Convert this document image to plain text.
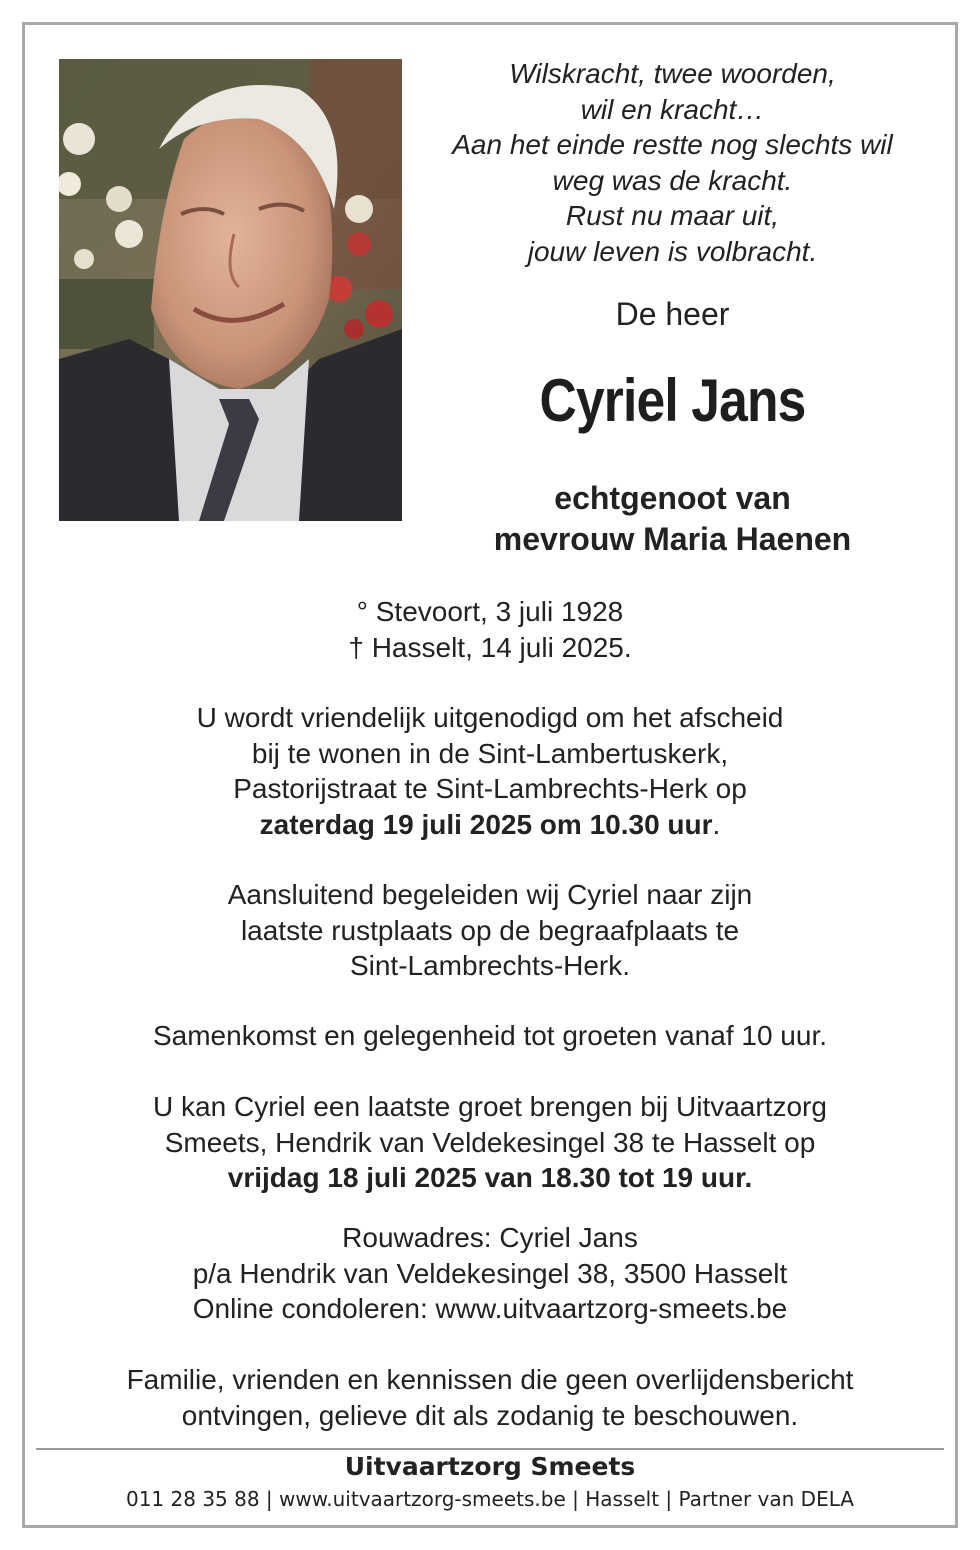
Wilskracht, twee woorden,
wil en kracht…
Aan het einde restte nog slechts wil
weg was de kracht.
Rust nu maar uit,
jouw leven is volbracht.
De heer
Cyriel Jans
echtgenoot van
mevrouw Maria Haenen
° Stevoort, 3 juli 1928
† Hasselt, 14 juli 2025.
U wordt vriendelijk uitgenodigd om het afscheid
bij te wonen in de Sint-Lambertuskerk,
Pastorijstraat te Sint-Lambrechts-Herk op
zaterdag 19 juli 2025 om 10.30 uur.
Aansluitend begeleiden wij Cyriel naar zijn
laatste rustplaats op de begraafplaats te
Sint-Lambrechts-Herk.
Samenkomst en gelegenheid tot groeten vanaf 10 uur.
U kan Cyriel een laatste groet brengen bij Uitvaartzorg
Smeets, Hendrik van Veldekesingel 38 te Hasselt op
vrijdag 18 juli 2025 van 18.30 tot 19 uur.
Rouwadres: Cyriel Jans
p/a Hendrik van Veldekesingel 38, 3500 Hasselt
Online condoleren: www.uitvaartzorg-smeets.be
Familie, vrienden en kennissen die geen overlijdensbericht
ontvingen, gelieve dit als zodanig te beschouwen.
Uitvaartzorg Smeets
011 28 35 88 | www.uitvaartzorg-smeets.be | Hasselt | Partner van DELA
